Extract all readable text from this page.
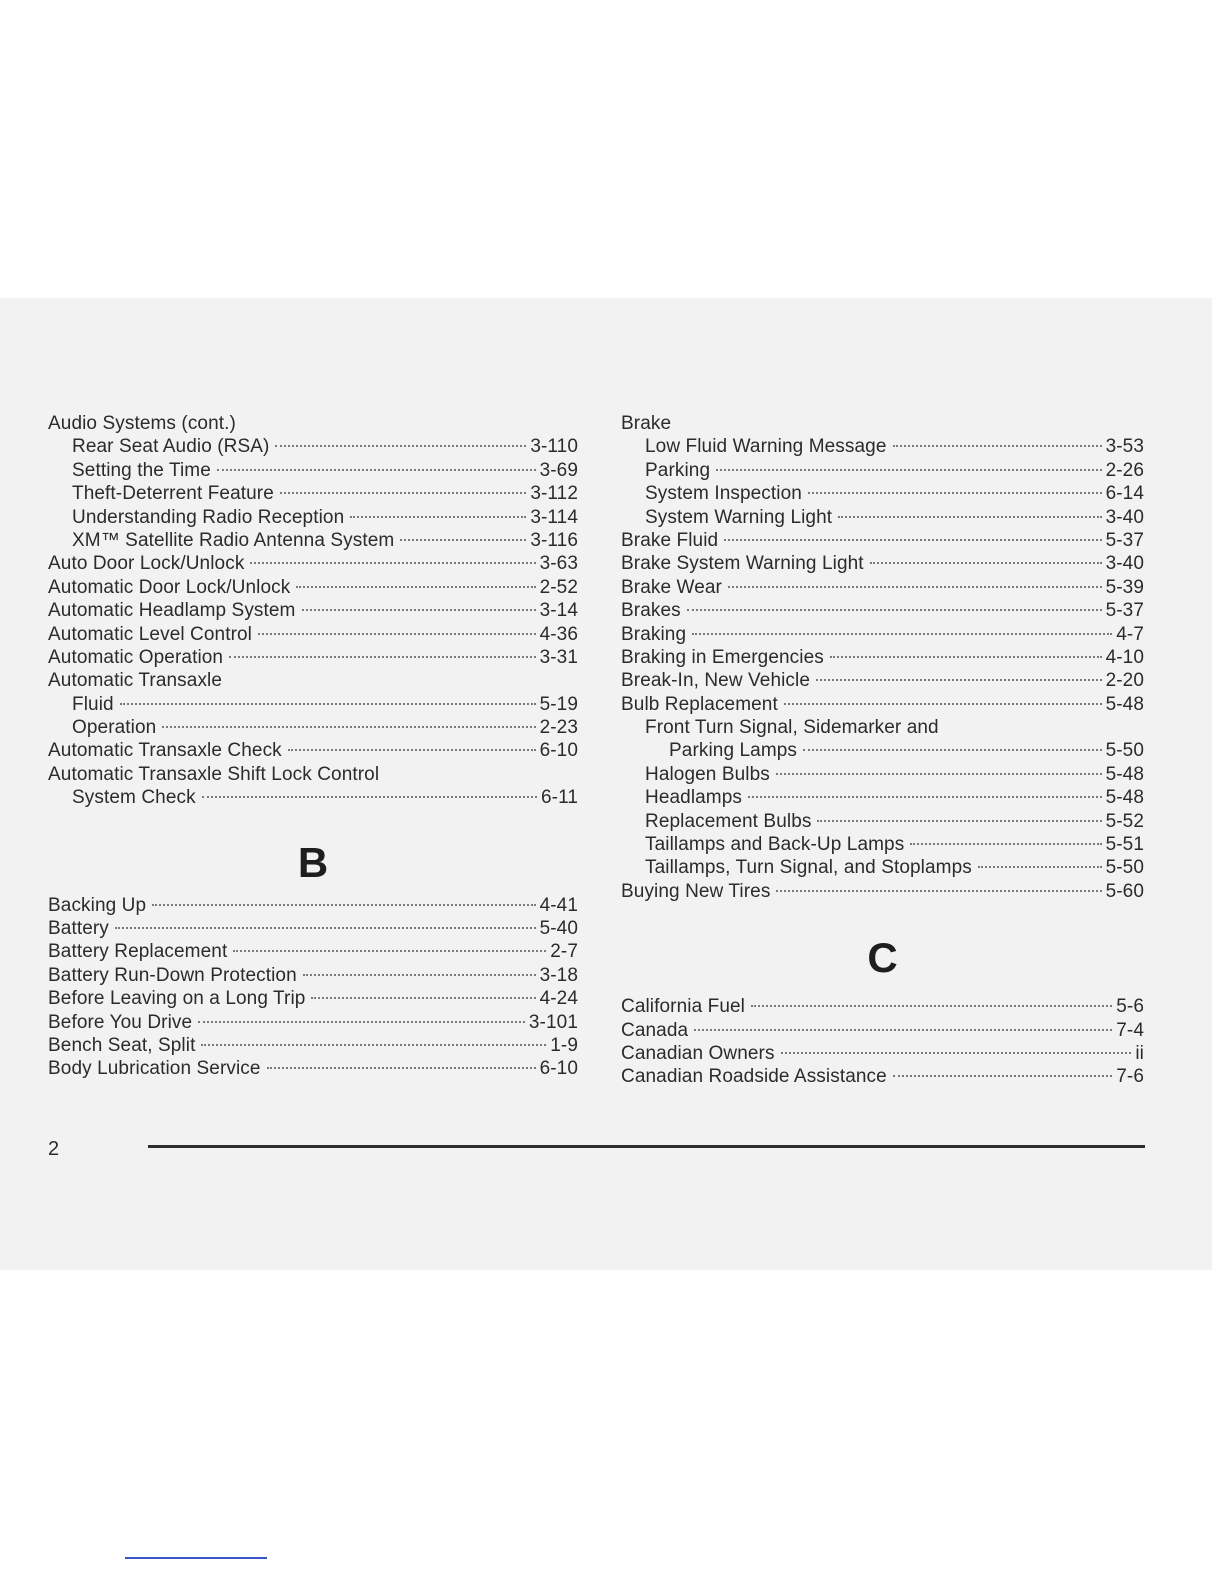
Audio Systems (cont.)
Rear Seat Audio (RSA)	3-110
Setting the Time	3-69
Theft-Deterrent Feature	3-112
Understanding Radio Reception	3-114
XM™ Satellite Radio Antenna System	3-116
Auto Door Lock/Unlock	3-63
Automatic Door Lock/Unlock	2-52
Automatic Headlamp System	3-14
Automatic Level Control	4-36
Automatic Operation	3-31
Automatic Transaxle
Fluid	5-19
Operation	2-23
Automatic Transaxle Check	6-10
Automatic Transaxle Shift Lock Control
System Check	6-11
B
Backing Up	4-41
Battery	5-40
Battery Replacement	2-7
Battery Run-Down Protection	3-18
Before Leaving on a Long Trip	4-24
Before You Drive	3-101
Bench Seat, Split	1-9
Body Lubrication Service	6-10
Brake
Low Fluid Warning Message	3-53
Parking	2-26
System Inspection	6-14
System Warning Light	3-40
Brake Fluid	5-37
Brake System Warning Light	3-40
Brake Wear	5-39
Brakes	5-37
Braking	4-7
Braking in Emergencies	4-10
Break-In, New Vehicle	2-20
Bulb Replacement	5-48
Front Turn Signal, Sidemarker and
Parking Lamps	5-50
Halogen Bulbs	5-48
Headlamps	5-48
Replacement Bulbs	5-52
Taillamps and Back-Up Lamps	5-51
Taillamps, Turn Signal, and Stoplamps	5-50
Buying New Tires	5-60
C
California Fuel	5-6
Canada	7-4
Canadian Owners	ii
Canadian Roadside Assistance	7-6
2
